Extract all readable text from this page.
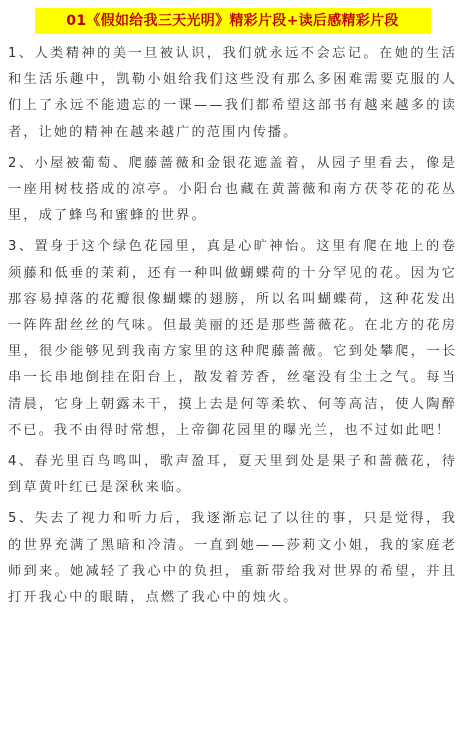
01《假如给我三天光明》精彩片段+读后感精彩片段

1、人类精神的美一旦被认识，我们就永远不会忘记。在她的生活和生活乐趣中，凯勒小姐给我们这些没有那么多困难需要克服的人们上了永远不能遗忘的一课——我们都希望这部书有越来越多的读者，让她的精神在越来越广的范围内传播。

2、小屋被葡萄、爬藤蔷薇和金银花遮盖着，从园子里看去，像是一座用树枝搭成的凉亭。小阳台也藏在黄蔷薇和南方茯苓花的花丛里，成了蜂鸟和蜜蜂的世界。

3、置身于这个绿色花园里，真是心旷神怡。这里有爬在地上的卷须藤和低垂的茉莉，还有一种叫做蝴蝶荷的十分罕见的花。因为它那容易掉落的花瓣很像蝴蝶的翅膀，所以名叫蝴蝶荷，这种花发出一阵阵甜丝丝的气味。但最美丽的还是那些蔷薇花。在北方的花房里，很少能够见到我南方家里的这种爬藤蔷薇。它到处攀爬，一长串一长串地倒挂在阳台上，散发着芳香，丝毫没有尘土之气。每当清晨，它身上朝露未干，摸上去是何等柔软、何等高洁，使人陶醉不已。我不由得时常想，上帝御花园里的曝光兰，也不过如此吧！

4、春光里百鸟鸣叫，歌声盈耳，夏天里到处是果子和蔷薇花，待到草黄叶红已是深秋来临。

5、失去了视力和听力后，我逐渐忘记了以往的事，只是觉得，我的世界充满了黑暗和冷清。一直到她——莎莉文小姐，我的家庭老师到来。她减轻了我心中的负担，重新带给我对世界的希望，并且打开我心中的眼睛，点燃了我心中的烛火。
